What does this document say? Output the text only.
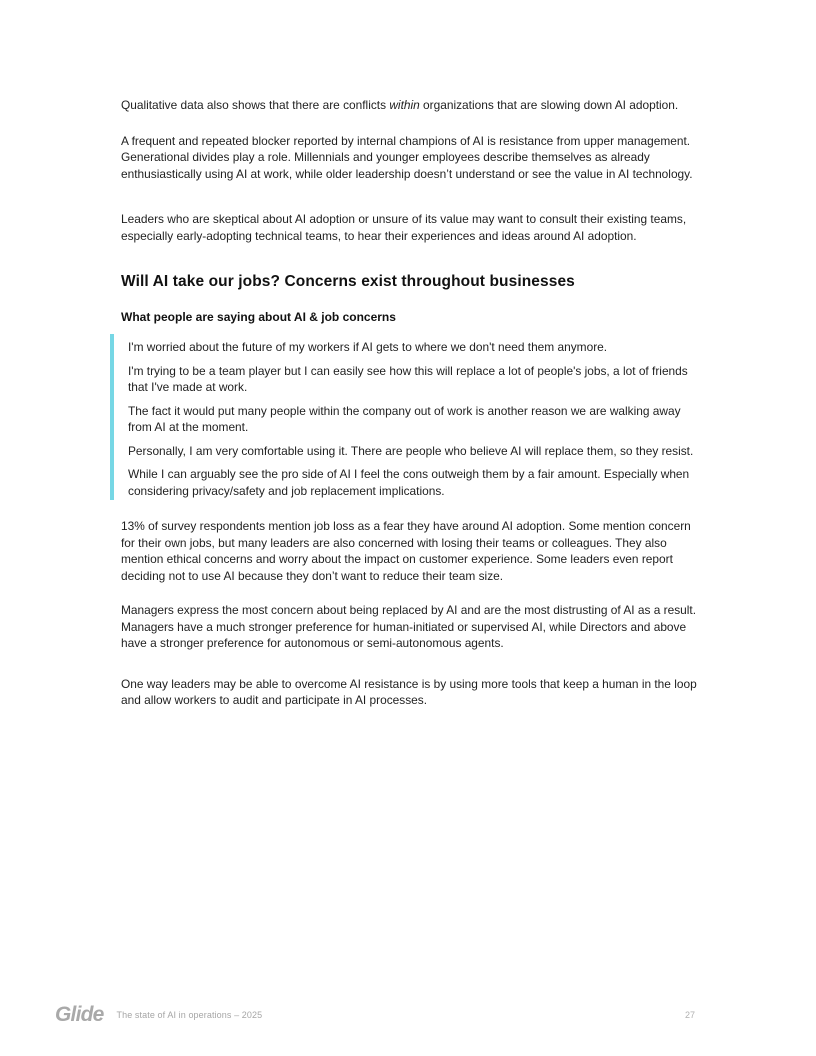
Qualitative data also shows that there are conflicts within organizations that are slowing down AI adoption.

A frequent and repeated blocker reported by internal champions of AI is resistance from upper management. Generational divides play a role. Millennials and younger employees describe themselves as already enthusiastically using AI at work, while older leadership doesn’t understand or see the value in AI technology.

Leaders who are skeptical about AI adoption or unsure of its value may want to consult their existing teams, especially early-adopting technical teams, to hear their experiences and ideas around AI adoption.

Will AI take our jobs? Concerns exist throughout businesses
What people are saying about AI & job concerns

I'm worried about the future of my workers if AI gets to where we don't need them anymore.

I'm trying to be a team player but I can easily see how this will replace a lot of people's jobs, a lot of friends that I've made at work.

The fact it would put many people within the company out of work is another reason we are walking away from AI at the moment.

Personally, I am very comfortable using it. There are people who believe AI will replace them, so they resist.

While I can arguably see the pro side of AI I feel the cons outweigh them by a fair amount. Especially when considering privacy/safety and job replacement implications.

13% of survey respondents mention job loss as a fear they have around AI adoption. Some mention concern for their own jobs, but many leaders are also concerned with losing their teams or colleagues. They also mention ethical concerns and worry about the impact on customer experience. Some leaders even report deciding not to use AI because they don’t want to reduce their team size.

Managers express the most concern about being replaced by AI and are the most distrusting of AI as a result. Managers have a much stronger preference for human-initiated or supervised AI, while Directors and above have a stronger preference for autonomous or semi-autonomous agents.

One way leaders may be able to overcome AI resistance is by using more tools that keep a human in the loop and allow workers to audit and participate in AI processes.

Glide The state of AI in operations – 2025	27
